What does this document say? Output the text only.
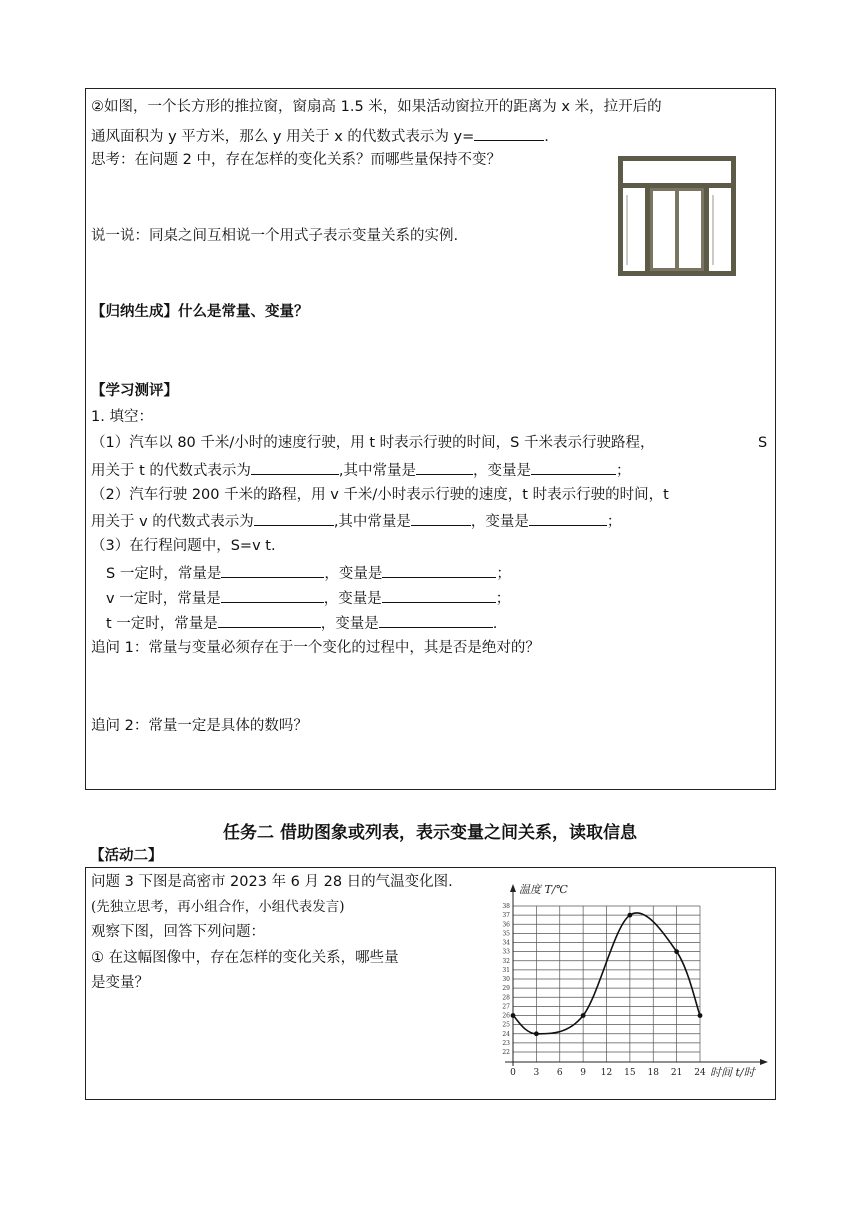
②如图，一个长方形的推拉窗，窗扇高 1.5 米，如果活动窗拉开的距离为 x 米，拉开后的
通风面积为 y 平方米，那么 y 用关于 x 的代数式表示为 y=	.
思考：在问题 2 中，存在怎样的变化关系？而哪些量保持不变？
说一说：同桌之间互相说一个用式子表示变量关系的实例.
【归纳生成】什么是常量、变量？
【学习测评】
1. 填空：
（1）汽车以 80 千米/小时的速度行驶，用 t 时表示行驶的时间，S 千米表示行驶路程，	S
用关于 t 的代数式表示为	,其中常量是	，变量是	；
（2）汽车行驶 200 千米的路程，用 v 千米/小时表示行驶的速度，t 时表示行驶的时间，t
用关于 v 的代数式表示为	,其中常量是	，变量是	；
（3）在行程问题中，S=v t.
S 一定时，常量是	，变量是	；
v 一定时，常量是	，变量是	；
t 一定时，常量是	，变量是	.
追问 1：常量与变量必须存在于一个变化的过程中，其是否是绝对的？
追问 2：常量一定是具体的数吗？
任务二 借助图象或列表，表示变量之间关系，读取信息
【活动二】
问题 3 下图是高密市 2023 年 6 月 28 日的气温变化图.
(先独立思考，再小组合作，小组代表发言)
观察下图，回答下列问题：
① 在这幅图像中，存在怎样的变化关系，哪些量
是变量？
22
23
24
25
26
27
28
29
30
31
32
33
34
35
36
37
38
0 3 6 9 12 15 18 21 24
温度 T/℃
时间 t/时
